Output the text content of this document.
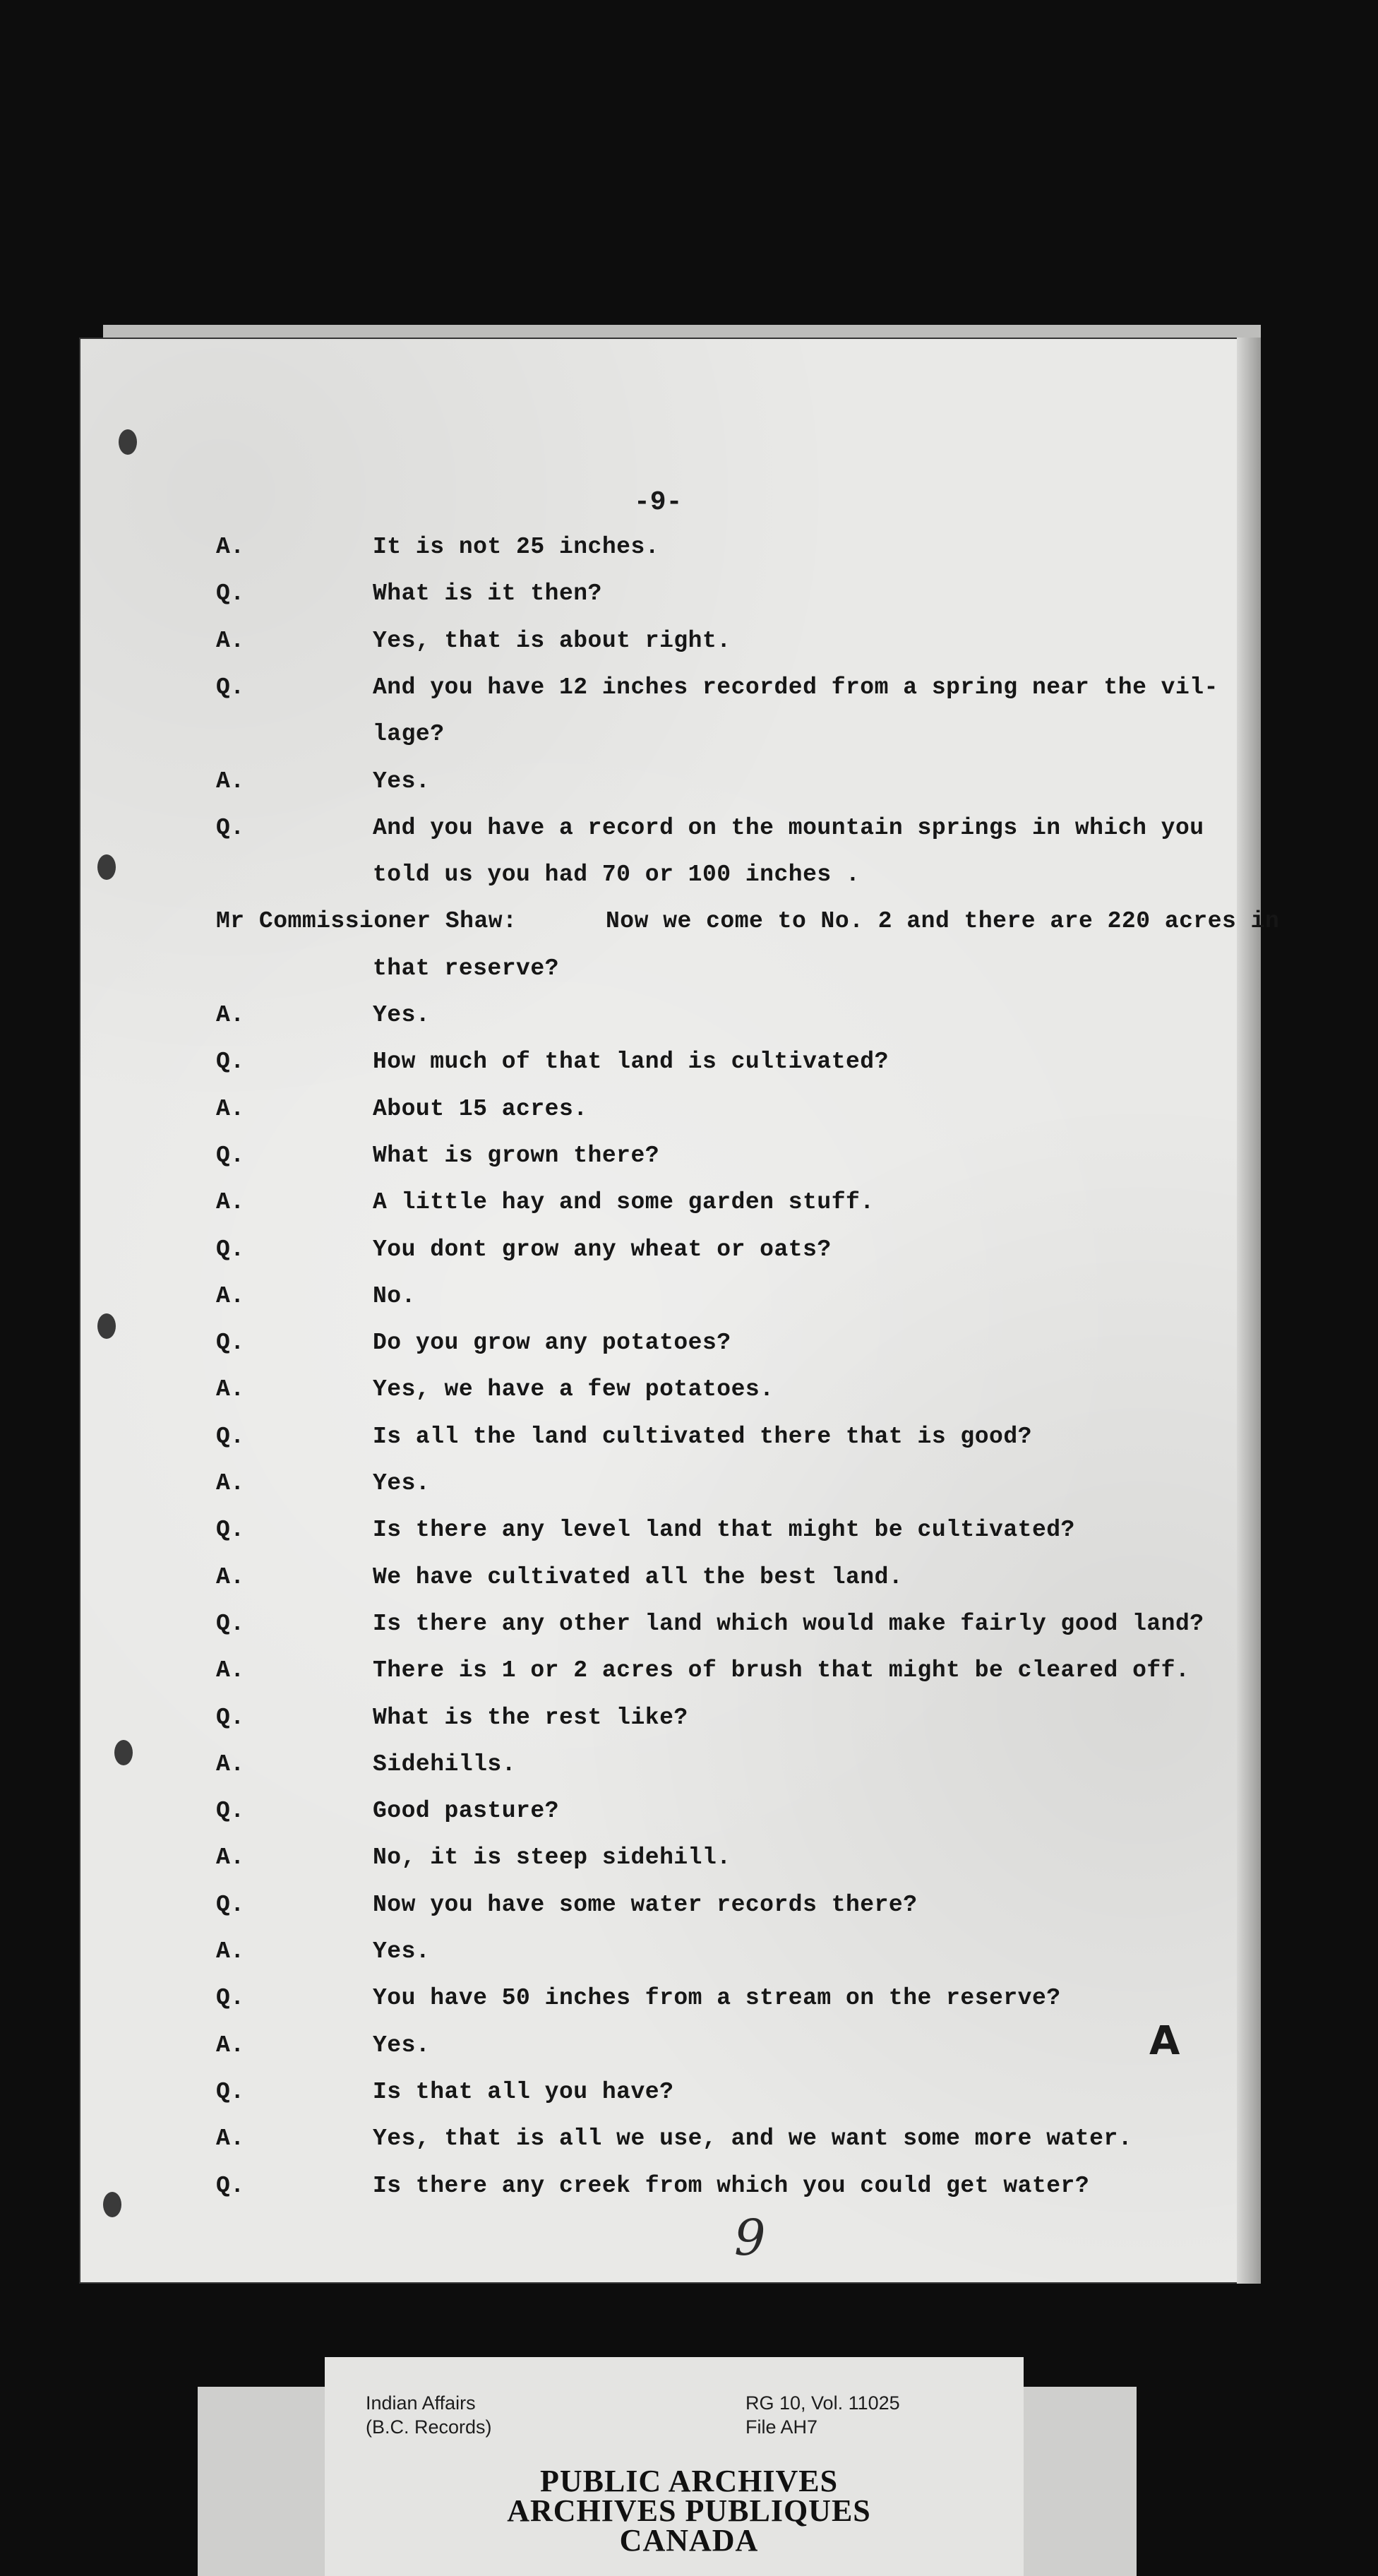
-9-
A.	It is not 25 inches.
Q.	What is it then?
A.	Yes, that is about right.
Q.	And you have 12 inches recorded from a spring near the vil-
lage?
A.	Yes.
Q.	And you have a record on the mountain springs in which you
told us you had 70 or 100 inches .
Mr Commissioner Shaw:	Now we come to No. 2 and there are 220 acres in
that reserve?
A.	Yes.
Q.	How much of that land is cultivated?
A.	About 15 acres.
Q.	What is grown there?
A.	A little hay and some garden stuff.
Q.	You dont grow any wheat or oats?
A.	No.
Q.	Do you grow any potatoes?
A.	Yes, we have a few potatoes.
Q.	Is all the land cultivated there that is good?
A.	Yes.
Q.	Is there any level land that might be cultivated?
A.	We have cultivated all the best land.
Q.	Is there any other land which would make fairly good land?
A.	There is 1 or 2 acres of brush that might be cleared off.
Q.	What is the rest like?
A.	Sidehills.
Q.	Good pasture?
A.	No, it is steep sidehill.
Q.	Now you have some water records there?
A.	Yes.
Q.	You have 50 inches from a stream on the reserve?
A.	Yes.
Q.	Is that all you have?
A.	Yes, that is all we use, and we want some more water.
Q.	Is there any creek from which you could get water?
A
9
Indian Affairs
(B.C. Records)
RG 10, Vol. 11025
File AH7
PUBLIC ARCHIVES
ARCHIVES PUBLIQUES
CANADA
